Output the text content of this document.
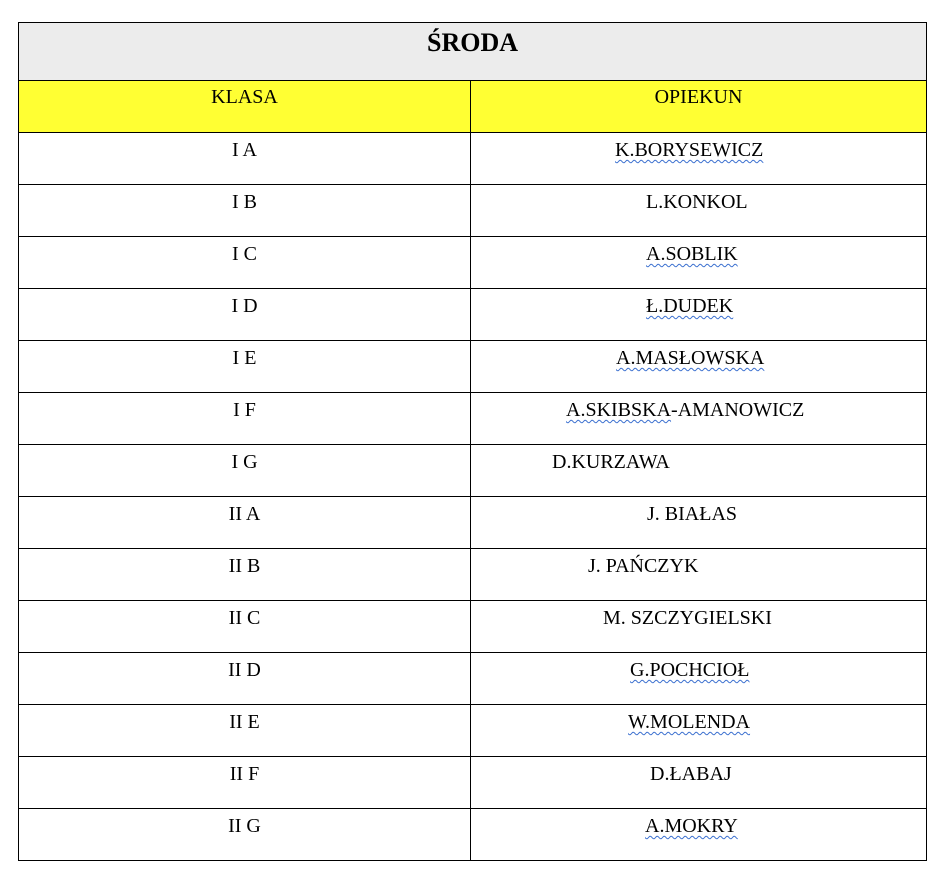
ŚRODA	
KLASA	OPIEKUN
I A	K.BORYSEWICZ

I B	L.KONKOL

I C	A.SOBLIK

I D	Ł.DUDEK

I E	A.MASŁOWSKA

I F	A.SKIBSKA-AMANOWICZ

I G	D.KURZAWA

II A	J. BIAŁAS

II B	J. PAŃCZYK

II C	M. SZCZYGIELSKI

II D	G.POCHCIOŁ

II E	W.MOLENDA

II F	D.ŁABAJ

II G	A.MOKRY
